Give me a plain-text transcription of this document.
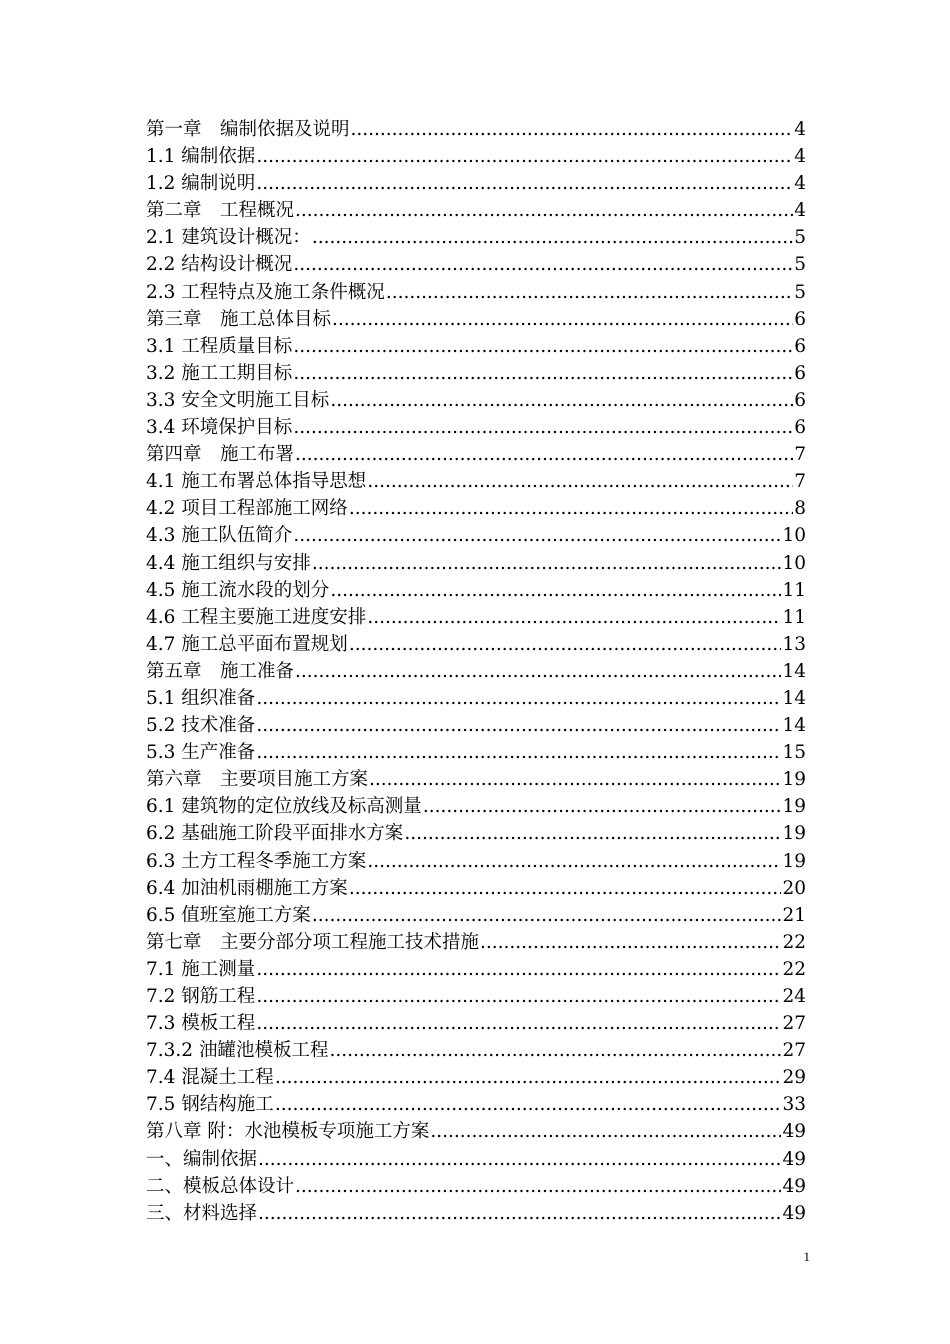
第一章　编制依据及说明 .....	4
1.1 编制依据 .....	4
1.2 编制说明 .....	4
第二章　工程概况 .....	4
2.1 建筑设计概况： .....	5
2.2 结构设计概况 .....	5
2.3 工程特点及施工条件概况 .....	5
第三章　施工总体目标 .....	6
3.1 工程质量目标 .....	6
3.2 施工工期目标 .....	6
3.3 安全文明施工目标 .....	6
3.4 环境保护目标 .....	6
第四章　施工布署 .....	7
4.1 施工布署总体指导思想 .....	7
4.2 项目工程部施工网络 .....	8
4.3 施工队伍简介 .....	10
4.4 施工组织与安排 .....	10
4.5 施工流水段的划分 .....	11
4.6 工程主要施工进度安排 .....	11
4.7 施工总平面布置规划 .....	13
第五章　施工准备 .....	14
5.1 组织准备 .....	14
5.2 技术准备 .....	14
5.3 生产准备 .....	15
第六章　主要项目施工方案 .....	19
6.1 建筑物的定位放线及标高测量 .....	19
6.2 基础施工阶段平面排水方案 .....	19
6.3 土方工程冬季施工方案 .....	19
6.4 加油机雨棚施工方案 .....	20
6.5 值班室施工方案 .....	21
第七章　主要分部分项工程施工技术措施 .....	22
7.1 施工测量 .....	22
7.2 钢筋工程 .....	24
7.3 模板工程 .....	27
7.3.2 油罐池模板工程 .....	27
7.4 混凝土工程 .....	29
7.5 钢结构施工 .....	33
第八章 附：水池模板专项施工方案 .....	49
一、编制依据 .....	49
二、模板总体设计 .....	49
三、材料选择 .....	49
1
